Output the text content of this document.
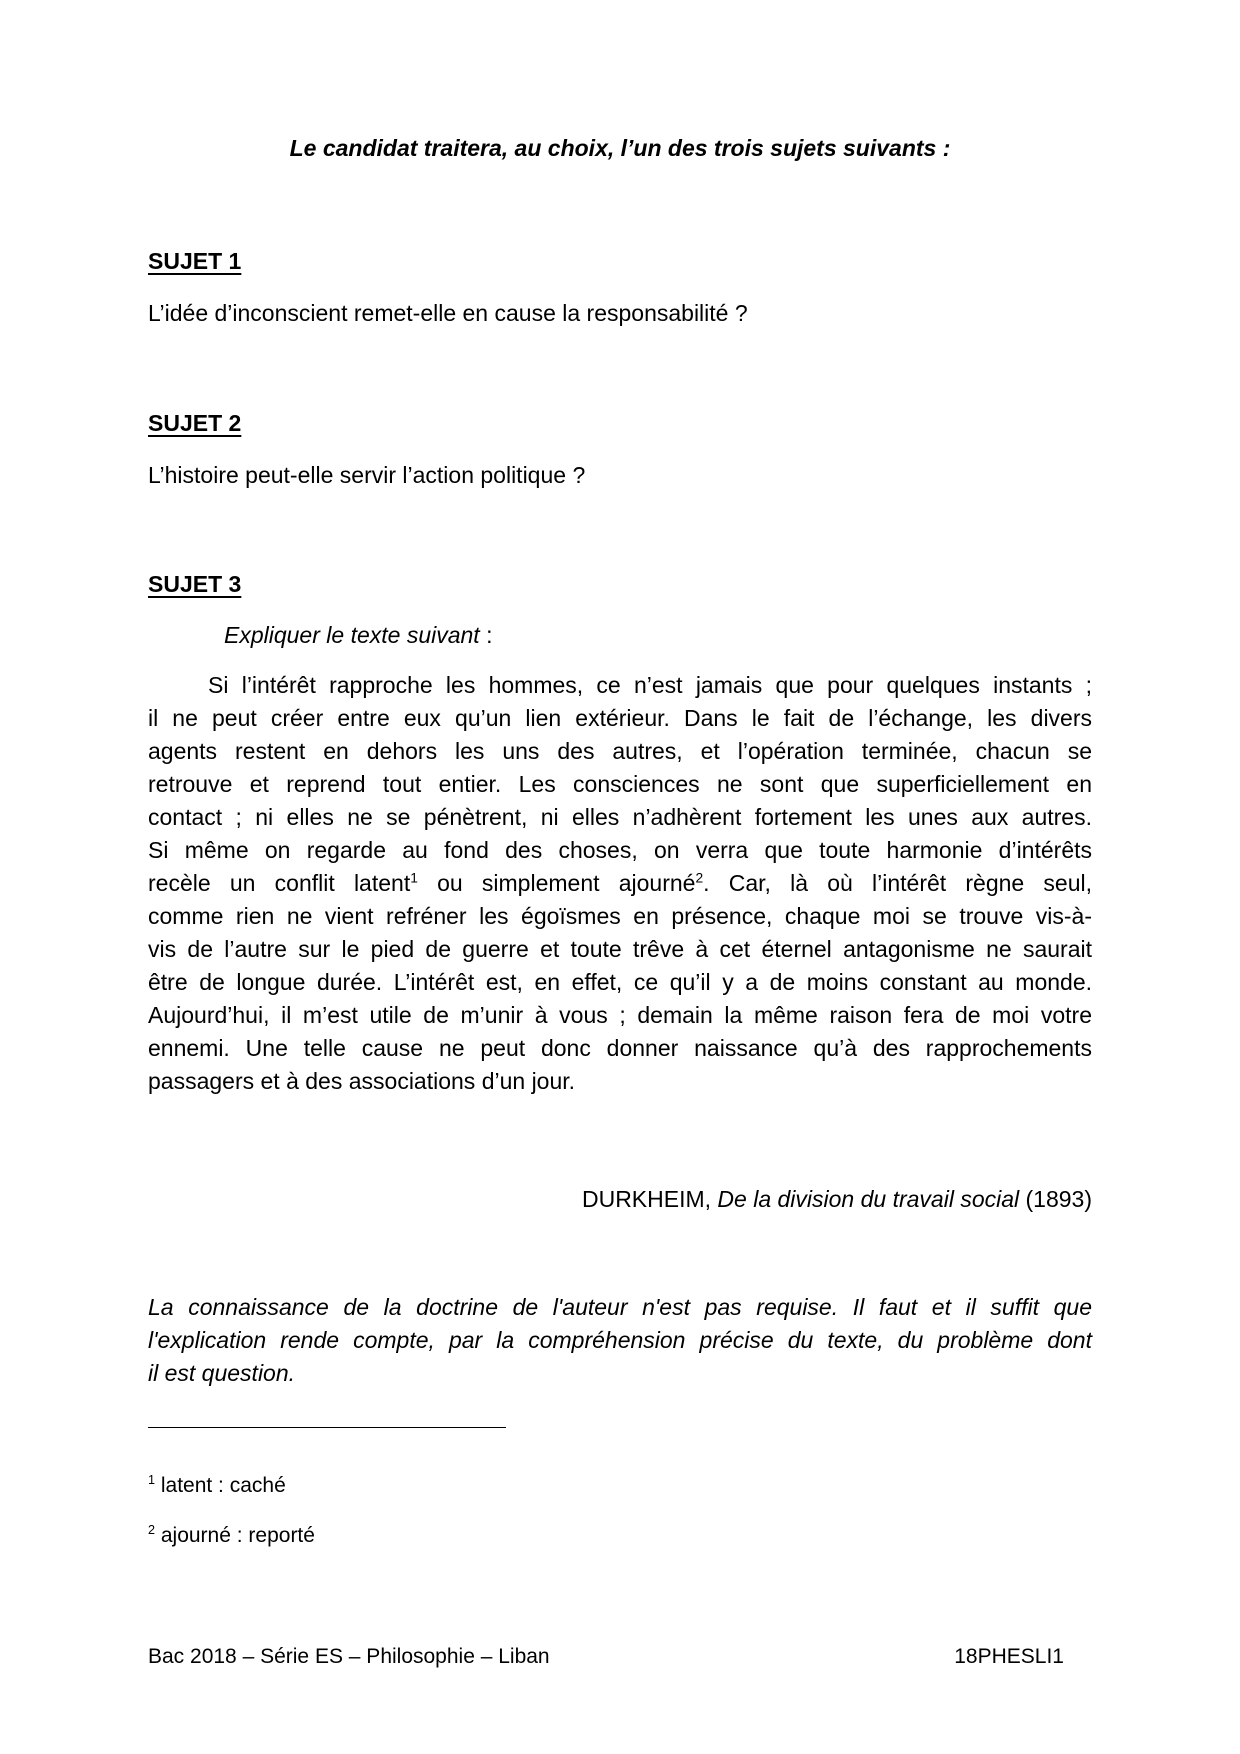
Le candidat traitera, au choix, l’un des trois sujets suivants :

SUJET 1

L’idée d’inconscient remet-elle en cause la responsabilité ?

SUJET 2

L’histoire peut-elle servir l’action politique ?

SUJET 3

Expliquer le texte suivant :

Si l’intérêt rapproche les hommes, ce n’est jamais que pour quelques instants ;
il ne peut créer entre eux qu’un lien extérieur. Dans le fait de l’échange, les divers
agents restent en dehors les uns des autres, et l’opération terminée, chacun se
retrouve et reprend tout entier. Les consciences ne sont que superficiellement en
contact ; ni elles ne se pénètrent, ni elles n’adhèrent fortement les unes aux autres.
Si même on regarde au fond des choses, on verra que toute harmonie d’intérêts
recèle un conflit latent$^1$ ou simplement ajourné$^2$. Car, là où l’intérêt règne seul,
comme rien ne vient refréner les égoïsmes en présence, chaque moi se trouve vis-à-
vis de l’autre sur le pied de guerre et toute trêve à cet éternel antagonisme ne saurait
être de longue durée. L’intérêt est, en effet, ce qu’il y a de moins constant au monde.
Aujourd’hui, il m’est utile de m’unir à vous ; demain la même raison fera de moi votre
ennemi. Une telle cause ne peut donc donner naissance qu’à des rapprochements
passagers et à des associations d’un jour.

DURKHEIM, De la division du travail social (1893)

La connaissance de la doctrine de l'auteur n'est pas requise. Il faut et il suffit que
l'explication rende compte, par la compréhension précise du texte, du problème dont
il est question.

$^1$ latent : caché

$^2$ ajourné : reporté

Bac 2018 – Série ES – Philosophie – Liban	18PHESLI1
